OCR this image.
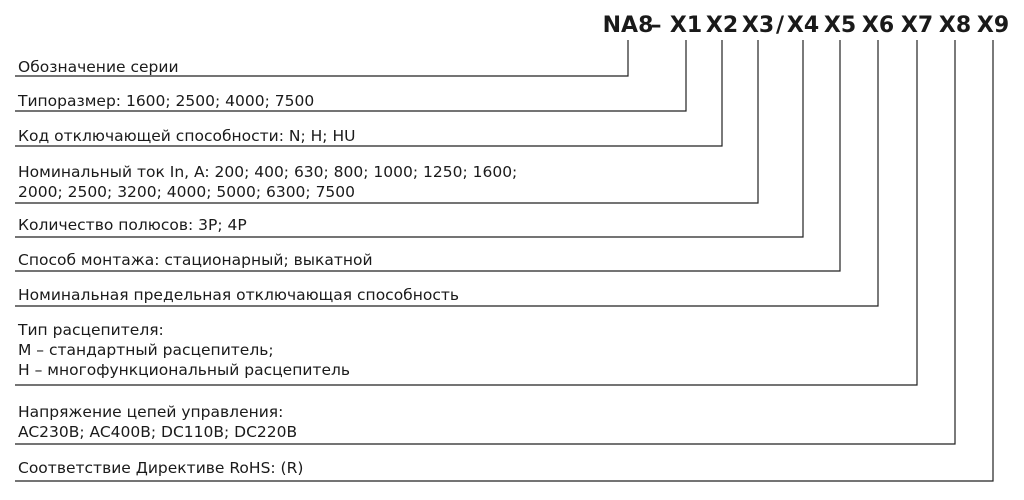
NA8
– X1 X2 X3 / X4 X5 X6 X7 X8 X9
Обозначение серии
Типоразмер: 1600; 2500; 4000; 7500
Код отключающей способности: N; H; HU
Номинальный ток In, A: 200; 400; 630; 800; 1000; 1250; 1600;
2000; 2500; 3200; 4000; 5000; 6300; 7500
Количество полюсов: 3P; 4P
Способ монтажа: стационарный; выкатной
Номинальная предельная отключающая способность
Тип расцепителя:
M – стандартный расцепитель;
H – многофункциональный расцепитель
Напряжение цепей управления:
AC230B; AC400B; DC110B; DC220B
Соответствие Директиве RoHS: (R)
